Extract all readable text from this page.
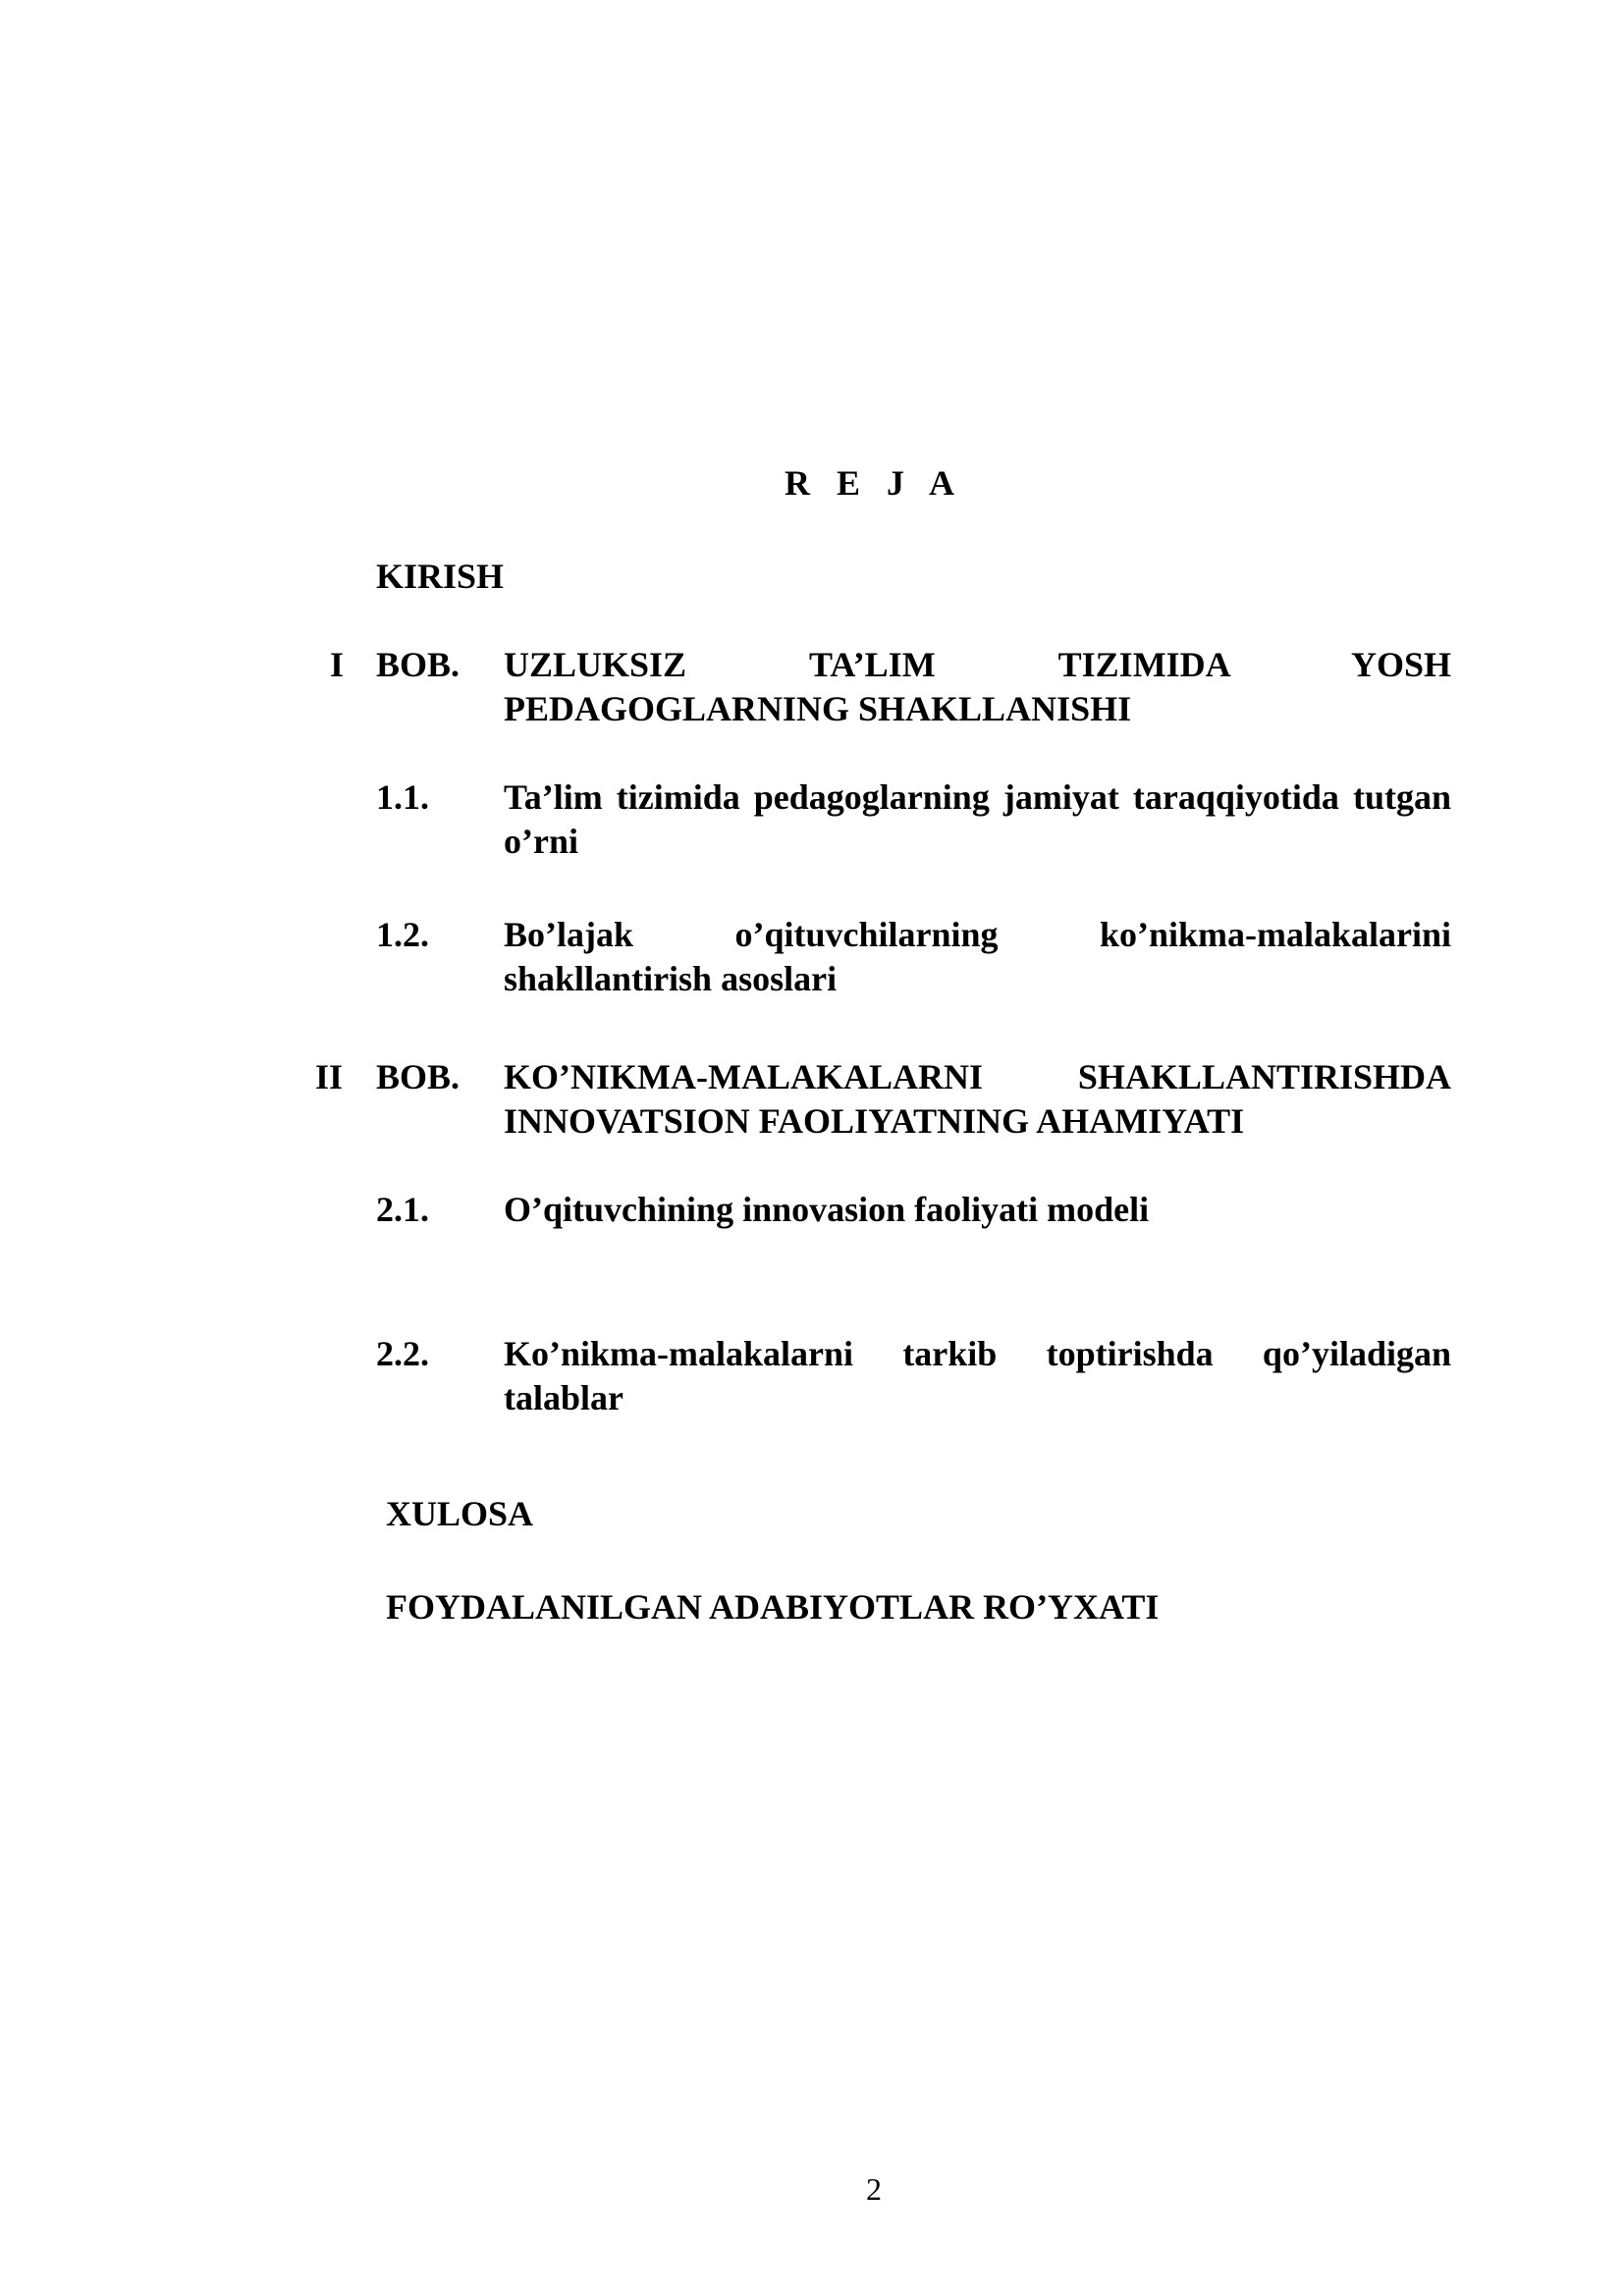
R E J A
KIRISH
I BOB. UZLUKSIZ TA’LIM TIZIMIDA YOSH PEDAGOGLARNING SHAKLLANISHI
1.1. Ta’lim tizimida pedagoglarning jamiyat taraqqiyotida tutgan o’rni
1.2. Bo’lajak o’qituvchilarning ko’nikma-malakalarini shakllantirish asoslari
II BOB. KO’NIKMA-MALAKALARNI SHAKLLANTIRISHDA INNOVATSION FAOLIYATNING AHAMIYATI
2.1. O’qituvchining innovasion faoliyati modeli
2.2. Ko’nikma-malakalarni tarkib toptirishda qo’yiladigan talablar
XULOSA
FOYDALANILGAN ADABIYOTLAR RO’YXATI
2
